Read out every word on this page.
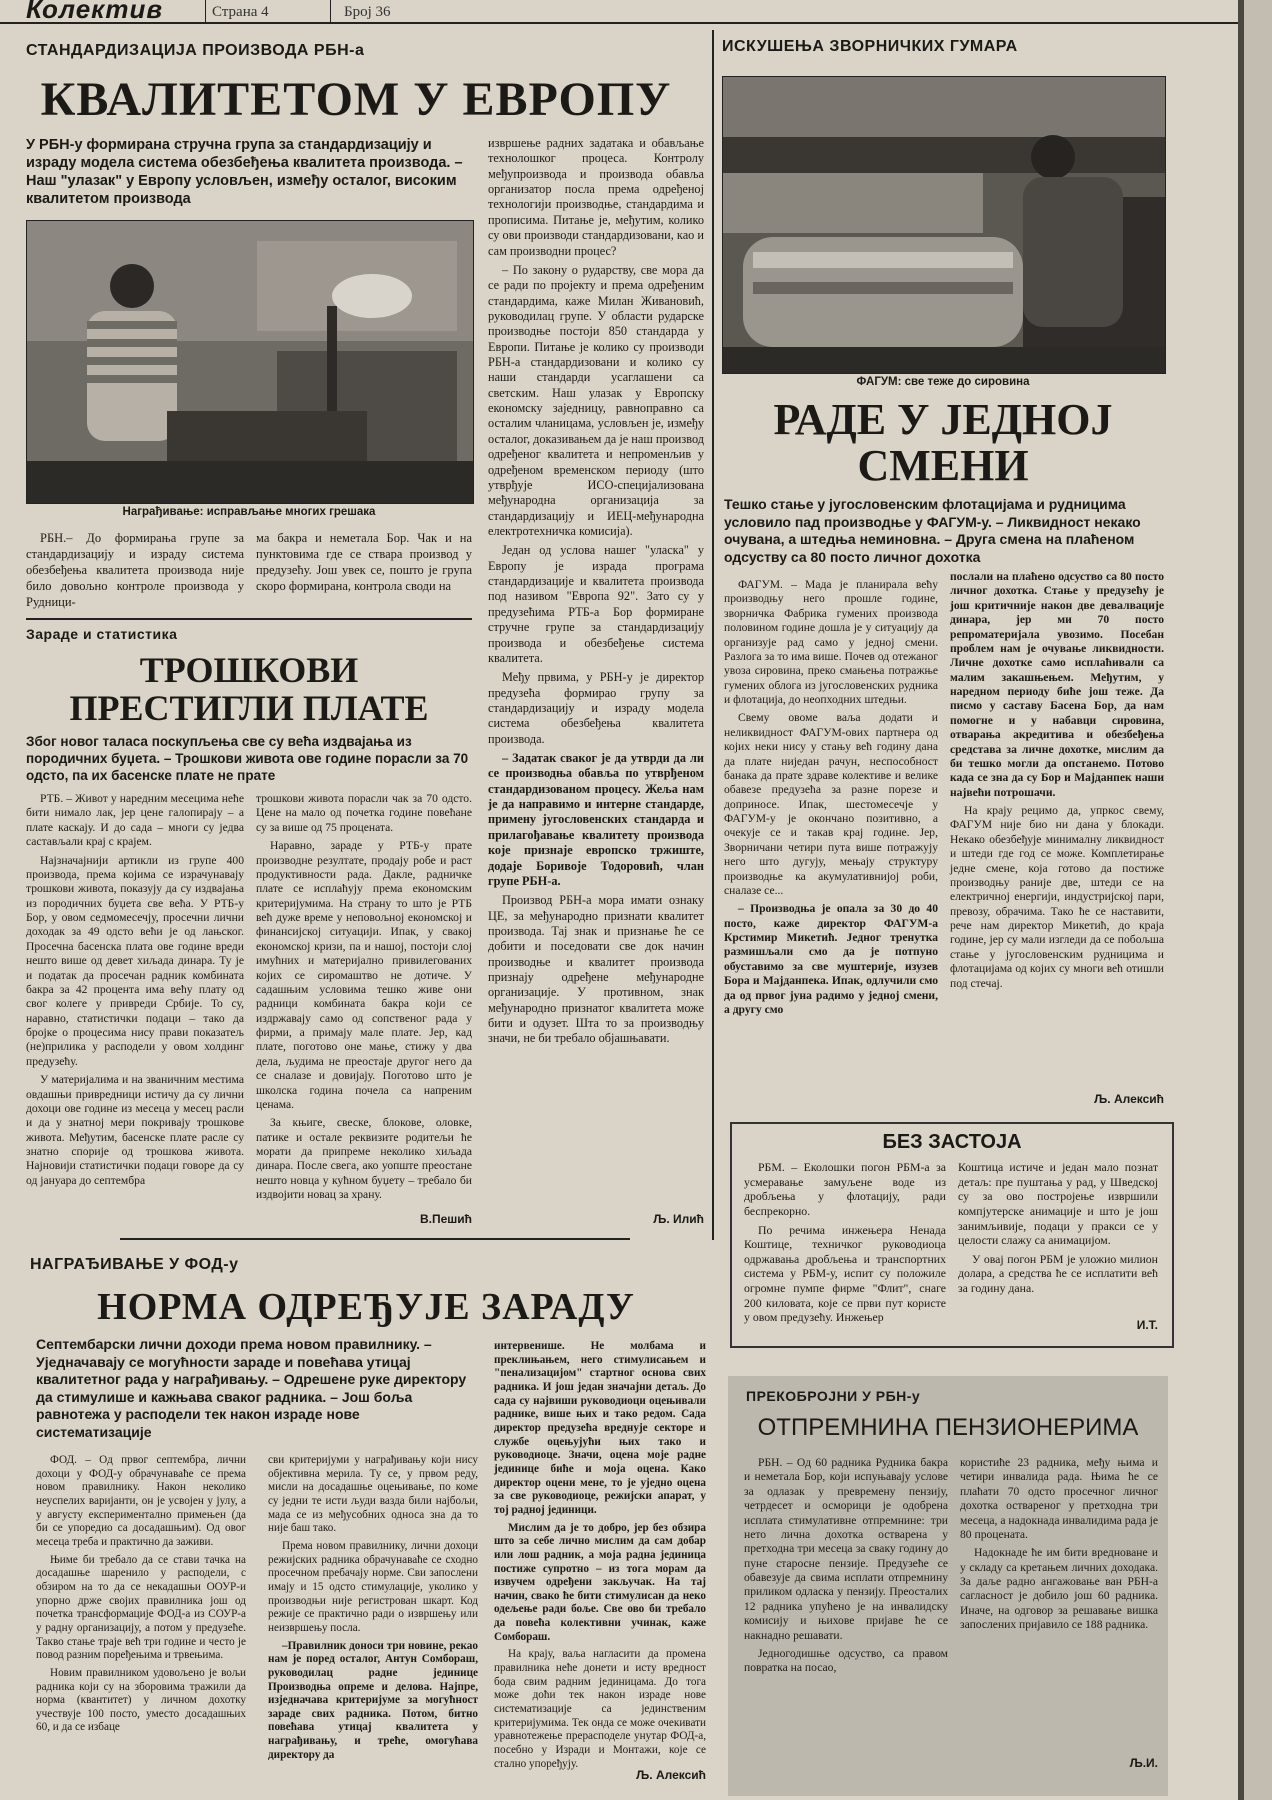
Колектив	Страна 4	Број 36
СТАНДАРДИЗАЦИЈА ПРОИЗВОДА РБН-а
КВАЛИТЕТОМ У ЕВРОПУ
У РБН-у формирана стручна група за стандардизацију и израду модела система обезбеђења квалитета производа. – Наш "улазак" у Европу условљен, између осталог, високим квалитетом производа
Награђивање: исправљање многих грешака

РБН.– До формирања групе за стандардизацију и израду система обезбеђења квалитета производа није било довољно контроле производа у Рудници-

ма бакра и неметала Бор. Чак и на пунктовима где се ствара производ у предузећу. Још увек се, пошто је група скоро формирана, контрола своди на

извршење радних задатака и обављање технолошког процеса. Контролу међупроизвода и производа обавља организатор посла према одређеној технологији производње, стандардима и прописима. Питање је, међутим, колико су ови производи стандардизовани, као и сам производни процес?

– По закону о рударству, све мора да се ради по пројекту и према одређеним стандардима, каже Милан Живановић, руководилац групе. У области рударске производње постоји 850 стандарда у Европи. Питање је колико су производи РБН-а стандардизовани и колико су наши стандарди усаглашени са светским. Наш улазак у Европску економску заједницу, равноправно са осталим чланицама, условљен је, између осталог, доказивањем да је наш производ одређеног квалитета и непроменљив у одређеном временском периоду (што утврђује ИСО-специјализована међународна организација за стандардизацију и ИЕЦ-међународна електротехничка комисија).

Један од услова нашег "уласка" у Европу је израда програма стандардизације и квалитета производа под називом "Европа 92". Зато су у предузећима РТБ-а Бор формиране стручне групе за стандардизацију производа и обезбеђење система квалитета.

Међу првима, у РБН-у је директор предузећа формирао групу за стандардизацију и израду модела система обезбеђења квалитета производа.

– Задатак сваког је да утврди да ли се производња обавља по утврђеном стандардизованом процесу. Жеља нам је да направимо и интерне стандарде, примену југословенских стандарда и прилагођавање квалитету производа које признаје европско тржиште, додаје Боривоје Тодоровић, члан групе РБН-а.

Производ РБН-а мора имати ознаку ЦЕ, за међународно признати квалитет производа. Тај знак и признање ће се добити и поседовати све док начин производње и квалитет производа признају одређене међународне организације. У противном, знак међународно признатог квалитета може бити и одузет. Шта то за производњу значи, не би требало објашњавати.

Љ. Илић
Зараде и статистика
ТРОШКОВИ
ПРЕСТИГЛИ ПЛАТЕ
Због новог таласа поскупљења све су већа издвајања из породичних буџета. – Трошкови живота ове године порасли за 70 одсто, па их басенске плате не прате

РТБ. – Живот у наредним месецима неће бити нимало лак, јер цене галопирају – а плате каскају. И до сада – многи су једва састављали крај с крајем.

Најзначајнији артикли из групе 400 производа, према којима се израчунавају трошкови живота, показују да су издвајања из породичних буџета све већа. У РТБ-у Бор, у овом седмомесечју, просечни лични доходак за 49 одсто већи је од лањског. Просечна басенска плата ове године вреди нешто више од девет хиљада динара. Ту је и податак да просечан радник комбината бакра за 42 процента има већу плату од свог колеге у привреди Србије. То су, наравно, статистички подаци – тако да бројке о процесима нису прави показатељ (не)прилика у расподели у овом холдинг предузећу.

У материјалима и на званичним местима овдашњи привредници истичу да су лични дохоци ове године из месеца у месец расли и да у знатној мери покривају трошкове живота. Међутим, басенске плате расле су знатно спорије од трошкова живота. Најновији статистички подаци говоре да су од јануара до септембра

трошкови живота порасли чак за 70 одсто. Цене на мало од почетка године повећане су за више од 75 процената.

Наравно, зараде у РТБ-у прате производне резултате, продају робе и раст продуктивности рада. Дакле, радничке плате се исплаћују према економским критеријумима. На страну то што је РТБ већ дуже време у неповољној економској и финансијској ситуацији. Ипак, у свакој економској кризи, па и нашој, постоји слој имућних и материјално привилегованих којих се сиромаштво не дотиче. У садашњим условима тешко живе они радници комбината бакра који се издржавају само од сопственог рада у фирми, а примају мале плате. Јер, кад плате, поготово оне мање, стижу у два дела, људима не преостаје другог него да се сналазе и довијају. Поготово што је школска година почела са напреним ценама.

За књиге, свеске, блокове, оловке, патике и остале реквизите родитељи ће морати да припреме неколико хиљада динара. После свега, ако уопште преостане нешто новца у кућном буџету – требало би издвојити новац за храну.

В.Пешић
НАГРАЂИВАЊЕ У ФОД-у
НОРМА ОДРЕЂУЈЕ ЗАРАДУ
Септембарски лични доходи према новом правилнику. – Уједначавају се могућности зараде и повећава утицај квалитетног рада у награђивању. – Одрешене руке директору да стимулише и кажњава сваког радника. – Још боља равнотежа у расподели тек након израде нове систематизације

ФОД. – Од првог септембра, лични дохоци у ФОД-у обрачунаваће се према новом правилнику. Након неколико неуспелих варијанти, он је усвојен у јулу, а у августу експериментално примењен (да би се упоредио са досадашњим). Од овог месеца треба и практично да заживи.

Њиме би требало да се стави тачка на досадашње шаренило у расподели, с обзиром на то да се некадашњи ООУР-и упорно држе својих правилника још од почетка трансформације ФОД-а из СОУР-а у радну организацију, а потом у предузеће. Такво стање траје већ три године и често је повод разним поређењима и трвењима.

Новим правилником удовољено је вољи радника који су на зборовима тражили да норма (квантитет) у личном дохотку учествује 100 посто, уместо досадашњих 60, и да се избаце

сви критеријуми у награђивању који нису објективна мерила. Ту се, у првом реду, мисли на досадашње оцењивање, по коме су једни те исти људи вазда били најбољи, мада се из међусобних односа зна да то није баш тако.

Према новом правилнику, лични дохоци режијских радника обрачунаваће се сходно просечном пребачају норме. Сви запослени имају и 15 одсто стимулације, уколико у производњи није регистрован шкарт. Код режије се практично ради о извршењу или неизвршењу посла.

–Правилник доноси три новине, рекао нам је поред осталог, Антун Сомбораш, руководилац радне јединице Производња опреме и делова. Најпре, изједначава критеријуме за могућност зараде свих радника. Потом, битно повећава утицај квалитета у награђивању, и треће, омогућава директору да

интервенише. Не молбама и преклињањем, него стимулисањем и "пенализацијом" стартног основа свих радника. И још један значајни детаљ. До сада су највиши руководиоци оцењивали раднике, више њих и тако редом. Сада директор предузећа вреднује секторе и службе оцењујући њих тако и руководиоце. Значи, оцена моје радне јединице биће и моја оцена. Како директор оцени мене, то је уједно оцена за све руководиоце, режијски апарат, у тој радној јединици.

Мислим да је то добро, јер без обзира што за себе лично мислим да сам добар или лош радник, а моја радна јединица постиже супротно – из тога морам да извучем одређени закључак. На тај начин, свако ће бити стимулисан да неко одељење ради боље. Све ово би требало да повећа колективни учинак, каже Сомбораш.

На крају, ваља нагласити да промена правилника неће донети и исту вредност бода свим радним јединицама. До тога може доћи тек након израде нове систематизације са јединственим критеријумима. Тек онда се може очекивати уравнотежење прерасподеле унутар ФОД-а, посебно у Изради и Монтажи, које се стално упоређују.

Љ. Алексић
ИСКУШЕЊА ЗВОРНИЧКИХ ГУМАРА
ФАГУМ: све теже до сировина
РАДЕ У ЈЕДНОЈ
СМЕНИ
Тешко стање у југословенским флотацијама и рудницима условило пад производње у ФАГУМ-у. – Ликвидност некако очувана, а штедња неминовна. – Друга смена на плаћеном одсуству са 80 посто личног дохотка

ФАГУМ. – Мада је планирала већу производњу него прошле године, зворничка Фабрика гумених производа половином године дошла је у ситуацију да организује рад само у једној смени. Разлога за то има више. Почев од отежаног увоза сировина, преко смањења потражње гумених облога из југословенских рудника и флотација, до неопходних штедњи.

Свему овоме ваља додати и неликвидност ФАГУМ-ових партнера од којих неки нису у стању већ годину дана да плате ниједан рачун, неспособност банака да прате здраве колективе и велике обавезе предузећа за разне порезе и доприносе. Ипак, шестомесечје у ФАГУМ-у је окончано позитивно, а очекује се и такав крај године. Јер, Зворничани четири пута више потражују него што дугују, мењају структуру производње ка акумулативнијој роби, сналазе се...

– Производња је опала за 30 до 40 посто, каже директор ФАГУМ-а Крстимир Микетић. Једног тренутка размишљали смо да је потпуно обуставимо за све муштерије, изузев Бора и Мајданпека. Ипак, одлучили смо да од првог јуна радимо у једној смени, а другу смо

послали на плаћено одсуство са 80 посто личног дохотка. Стање у предузећу је још критичније након две девалвације динара, јер ми 70 посто репроматеријала увозимо. Посебан проблем нам је очување ликвидности. Личне дохотке само исплаћивали са малим закашњењем. Међутим, у наредном периоду биће још теже. Да писмо у саставу Басена Бор, да нам помогне и у набавци сировина, отварања акредитива и обезбеђења средстава за личне дохотке, мислим да би тешко могли да опстанемо. Потово када се зна да су Бор и Мајданпек наши највећи потрошачи.

На крају рецимо да, упркос свему, ФАГУМ није био ни дана у блокади. Некако обезбеђује минималну ликвидност и штеди где год се може. Комплетирање једне смене, која готово да постиже производњу раније две, штеди се на електричној енергији, индустријској пари, превозу, обрачима. Тако ће се наставити, рече нам директор Микетић, до краја године, јер су мали изгледи да се побољша стање у југословенским рудницима и флотацијама од којих су многи већ отишли под стечај.

Љ. Алексић
БЕЗ ЗАСТОЈА

РБМ. – Еколошки погон РБМ-а за усмеравање замуљене воде из дробљења у флотацију, ради беспрекорно.

По речима инжењера Ненада Коштице, техничког руководиоца одржавања дробљења и транспортних система у РБМ-у, испит су положиле огромне пумпе фирме "Флит", снаге 200 киловата, које се први пут користе у овом предузећу. Инжењер

Коштица истиче и један мало познат детаљ: пре пуштања у рад, у Шведској су за ово постројење извршили компјутерске анимације и што је још занимљивије, подаци у пракси се у целости слажу са анимацијом.

У овај погон РБМ је уложио милион долара, а средства ће се исплатити већ за годину дана.

И.Т.
ПРЕКОБРОЈНИ У РБН-у
ОТПРЕМНИНА ПЕНЗИОНЕРИМА

РБН. – Од 60 радника Рудника бакра и неметала Бор, који испуњавају услове за одлазак у превремену пензију, четрдесет и осморици је одобрена исплата стимулативне отпремнине: три нето лична дохотка остварена у претходна три месеца за сваку годину до пуне старосне пензије. Предузеће се обавезује да свима исплати отпремнину приликом одласка у пензију. Преосталих 12 радника упућено је на инвалидску комисију и њихове пријаве ће се накнадно решавати.

Једногодишње одсуство, са правом повратка на посао,

користиће 23 радника, међу њима и четири инвалида рада. Њима ће се плаћати 70 одсто просечног личног дохотка оствареног у претходна три месеца, а надокнада инвалидима рада је 80 процената.

Надокнаде ће им бити вредноване и у складу са кретањем личних доходака. За даље радно ангажовање ван РБН-а сагласност је добило још 60 радника. Иначе, на одговор за решавање вишка запослених пријавило се 188 радника.

Љ.И.
